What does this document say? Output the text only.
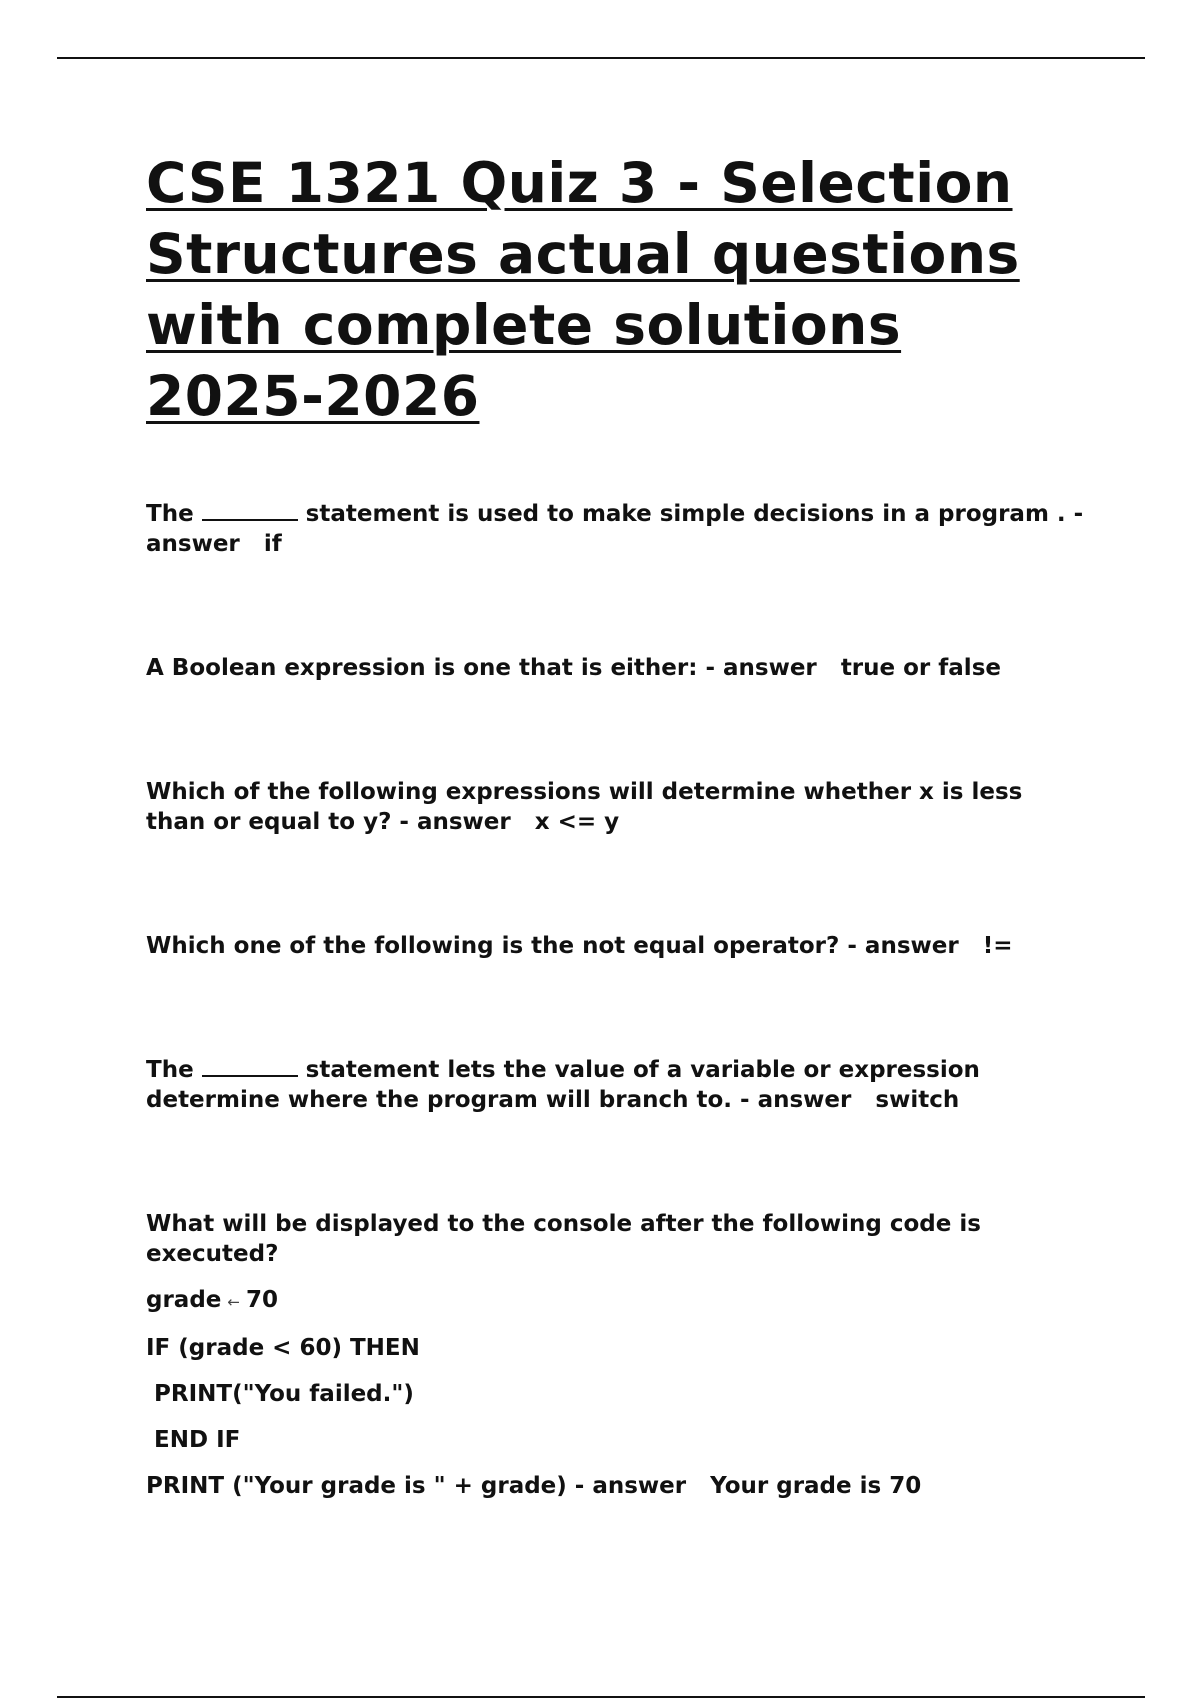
CSE 1321 Quiz 3 - Selection Structures actual questions with complete solutions 2025-2026

The	statement is used to make simple decisions in a program . - answer if

A Boolean expression is one that is either: - answer true or false

Which of the following expressions will determine whether x is less than or equal to y? - answer x <= y

Which one of the following is the not equal operator? - answer !=

The	statement lets the value of a variable or expression determine where the program will branch to. - answer switch

What will be displayed to the console after the following code is executed?

grade ← 70
IF (grade < 60) THEN
PRINT("You failed.")
END IF
PRINT ("Your grade is " + grade) - answer Your grade is 70
